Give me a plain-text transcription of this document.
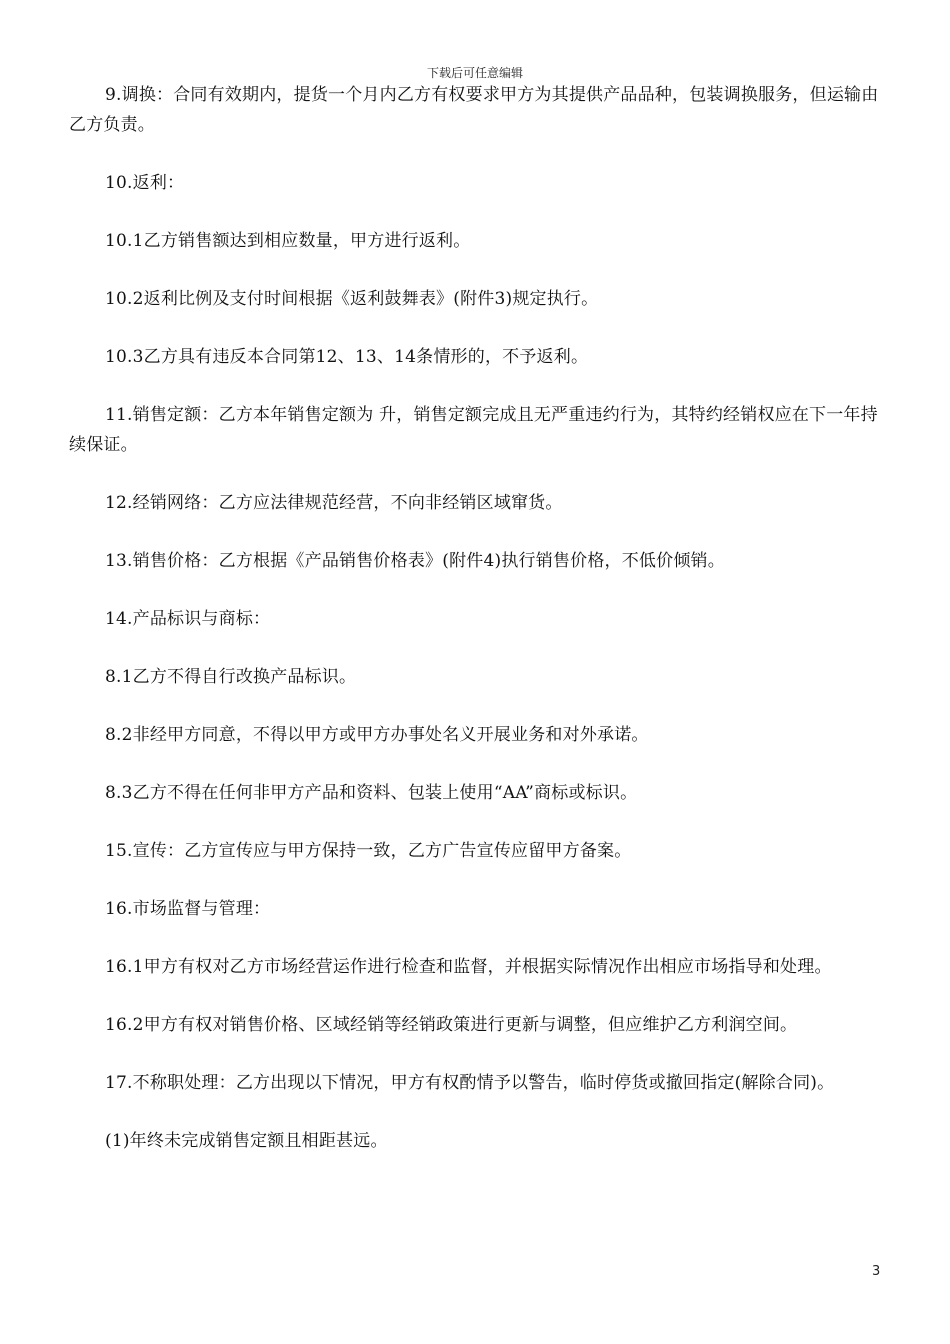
下载后可任意编辑

9.调换：合同有效期内，提货一个月内乙方有权要求甲方为其提供产品品种，包装调换服务，但运输由乙方负责。

10.返利：

10.1乙方销售额达到相应数量，甲方进行返利。

10.2返利比例及支付时间根据《返利鼓舞表》(附件3)规定执行。

10.3乙方具有违反本合同第12、13、14条情形的，不予返利。

11.销售定额：乙方本年销售定额为 升，销售定额完成且无严重违约行为，其特约经销权应在下一年持续保证。

12.经销网络：乙方应法律规范经营，不向非经销区域窜货。

13.销售价格：乙方根据《产品销售价格表》(附件4)执行销售价格，不低价倾销。

14.产品标识与商标：

8.1乙方不得自行改换产品标识。

8.2非经甲方同意，不得以甲方或甲方办事处名义开展业务和对外承诺。

8.3乙方不得在任何非甲方产品和资料、包装上使用“AA”商标或标识。

15.宣传：乙方宣传应与甲方保持一致，乙方广告宣传应留甲方备案。

16.市场监督与管理：

16.1甲方有权对乙方市场经营运作进行检查和监督，并根据实际情况作出相应市场指导和处理。

16.2甲方有权对销售价格、区域经销等经销政策进行更新与调整，但应维护乙方利润空间。

17.不称职处理：乙方出现以下情况，甲方有权酌情予以警告，临时停货或撤回指定(解除合同)。

(1)年终未完成销售定额且相距甚远。

3
